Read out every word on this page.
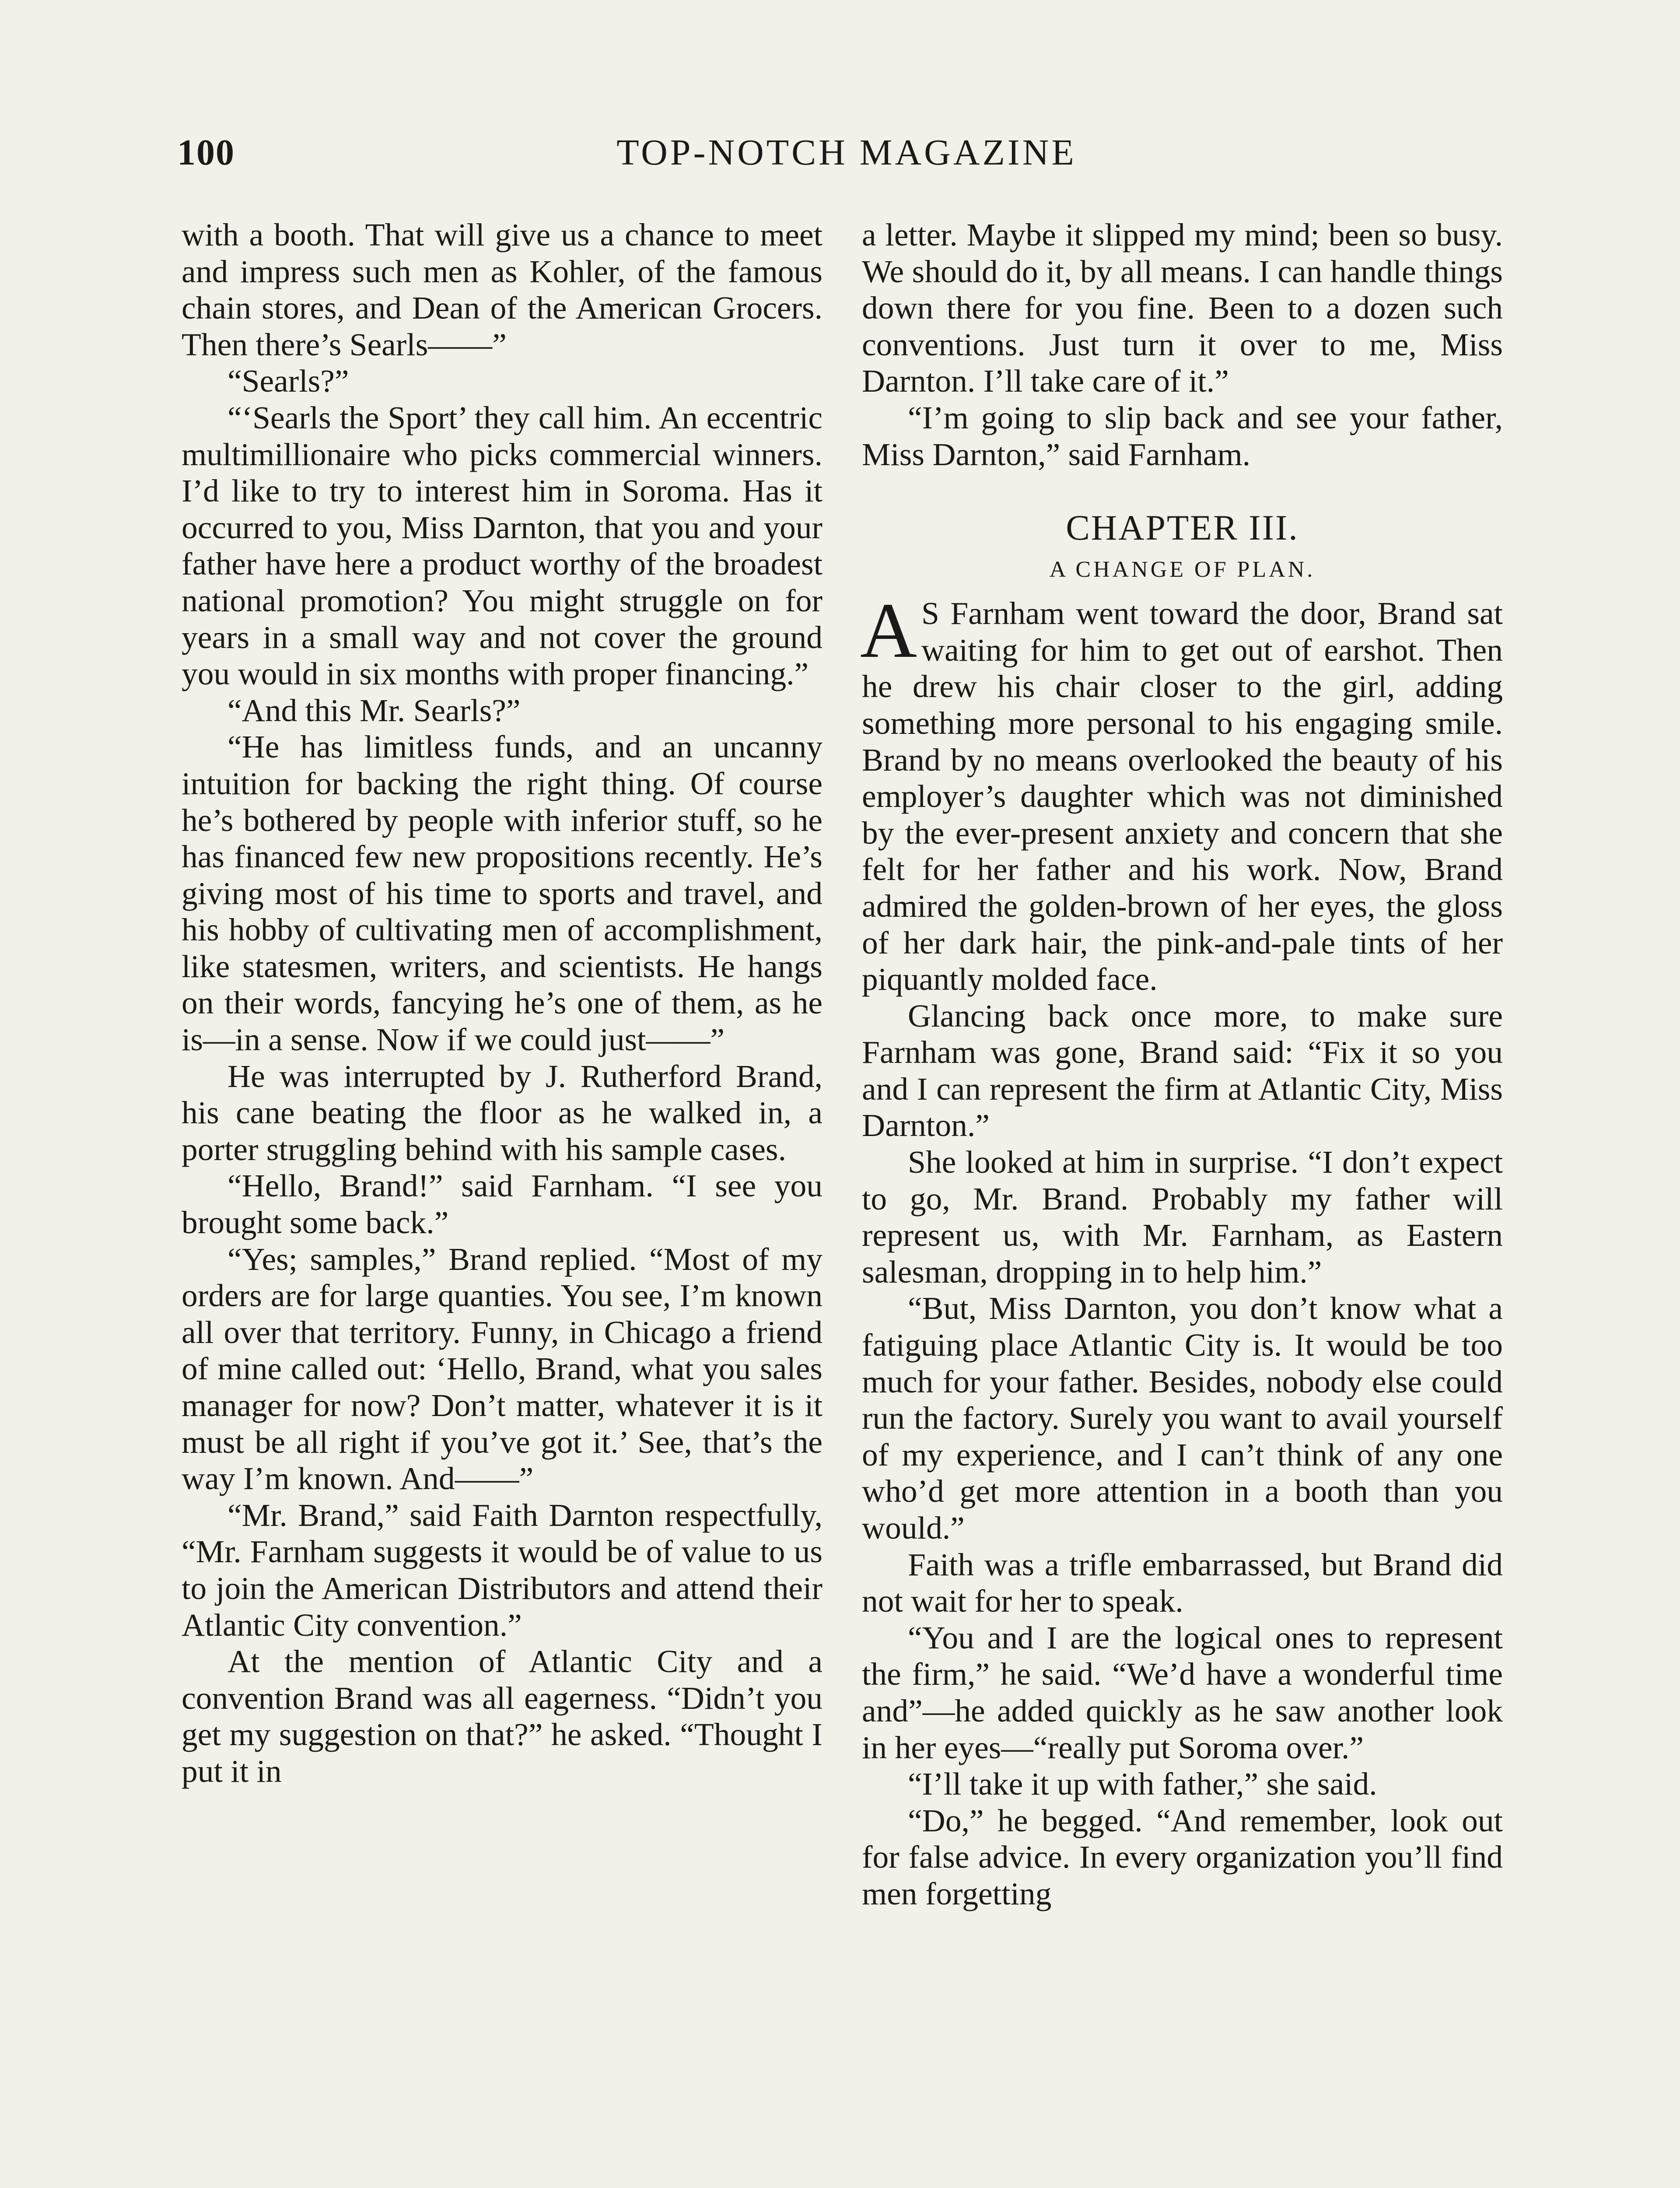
100	TOP-NOTCH MAGAZINE

with a booth. That will give us a chance to meet and impress such men as Kohler, of the famous chain stores, and Dean of the American Grocers. Then there’s Searls——”

“Searls?”

“‘Searls the Sport’ they call him. An eccentric multimillionaire who picks commercial winners. I’d like to try to interest him in Soroma. Has it occurred to you, Miss Darnton, that you and your father have here a product worthy of the broadest national promotion? You might struggle on for years in a small way and not cover the ground you would in six months with proper financing.”

“And this Mr. Searls?”

“He has limitless funds, and an uncanny intuition for backing the right thing. Of course he’s bothered by people with inferior stuff, so he has financed few new propositions recently. He’s giving most of his time to sports and travel, and his hobby of cultivating men of accomplishment, like statesmen, writers, and scientists. He hangs on their words, fancying he’s one of them, as he is—in a sense. Now if we could just——”

He was interrupted by J. Rutherford Brand, his cane beating the floor as he walked in, a porter struggling behind with his sample cases.

“Hello, Brand!” said Farnham. “I see you brought some back.”

“Yes; samples,” Brand replied. “Most of my orders are for large quanties. You see, I’m known all over that territory. Funny, in Chicago a friend of mine called out: ‘Hello, Brand, what you sales manager for now? Don’t matter, whatever it is it must be all right if you’ve got it.’ See, that’s the way I’m known. And——”

“Mr. Brand,” said Faith Darnton respectfully, “Mr. Farnham suggests it would be of value to us to join the American Distributors and attend their Atlantic City convention.”

At the mention of Atlantic City and a convention Brand was all eagerness. “Didn’t you get my suggestion on that?” he asked. “Thought I put it in

a letter. Maybe it slipped my mind; been so busy. We should do it, by all means. I can handle things down there for you fine. Been to a dozen such conventions. Just turn it over to me, Miss Darnton. I’ll take care of it.”

“I’m going to slip back and see your father, Miss Darnton,” said Farnham.

CHAPTER III.
A CHANGE OF PLAN.

A S Farnham went toward the door, Brand sat waiting for him to get out of earshot. Then he drew his chair closer to the girl, adding something more personal to his engaging smile. Brand by no means overlooked the beauty of his employer’s daughter which was not diminished by the ever-present anxiety and concern that she felt for her father and his work. Now, Brand admired the golden-brown of her eyes, the gloss of her dark hair, the pink-and-pale tints of her piquantly molded face.

Glancing back once more, to make sure Farnham was gone, Brand said: “Fix it so you and I can represent the firm at Atlantic City, Miss Darnton.”

She looked at him in surprise. “I don’t expect to go, Mr. Brand. Probably my father will represent us, with Mr. Farnham, as Eastern salesman, dropping in to help him.”

“But, Miss Darnton, you don’t know what a fatiguing place Atlantic City is. It would be too much for your father. Besides, nobody else could run the factory. Surely you want to avail yourself of my experience, and I can’t think of any one who’d get more attention in a booth than you would.”

Faith was a trifle embarrassed, but Brand did not wait for her to speak.

“You and I are the logical ones to represent the firm,” he said. “We’d have a wonderful time and”—he added quickly as he saw another look in her eyes—“really put Soroma over.”

“I’ll take it up with father,” she said.

“Do,” he begged. “And remember, look out for false advice. In every organization you’ll find men forgetting
